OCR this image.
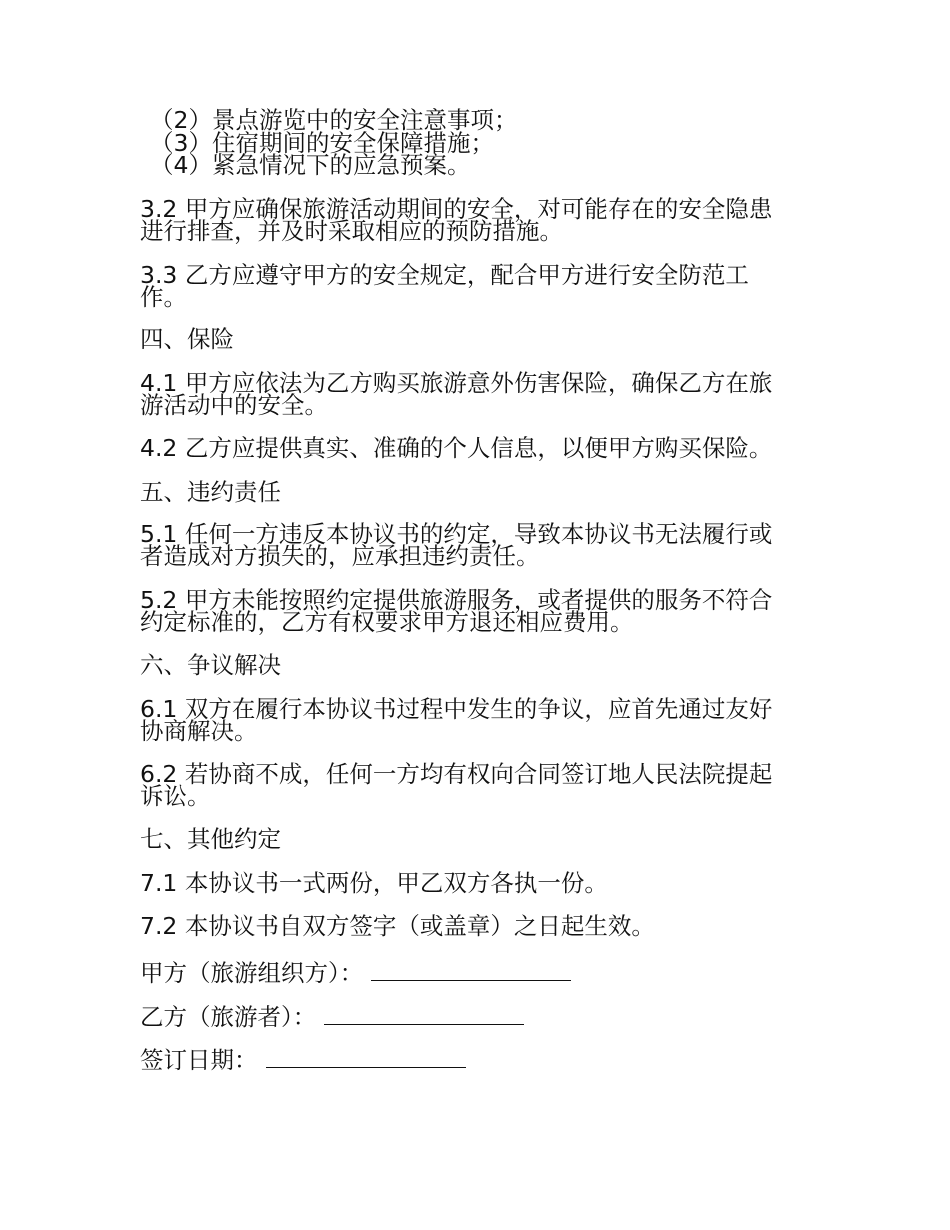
（2）景点游览中的安全注意事项；
（3）住宿期间的安全保障措施；
（4）紧急情况下的应急预案。
3.2 甲方应确保旅游活动期间的安全，对可能存在的安全隐患
进行排查，并及时采取相应的预防措施。
3.3 乙方应遵守甲方的安全规定，配合甲方进行安全防范工
作。
四、保险
4.1 甲方应依法为乙方购买旅游意外伤害保险，确保乙方在旅
游活动中的安全。
4.2 乙方应提供真实、准确的个人信息，以便甲方购买保险。
五、违约责任
5.1 任何一方违反本协议书的约定，导致本协议书无法履行或
者造成对方损失的，应承担违约责任。
5.2 甲方未能按照约定提供旅游服务，或者提供的服务不符合
约定标准的，乙方有权要求甲方退还相应费用。
六、争议解决
6.1 双方在履行本协议书过程中发生的争议，应首先通过友好
协商解决。
6.2 若协商不成，任何一方均有权向合同签订地人民法院提起
诉讼。
七、其他约定
7.1 本协议书一式两份，甲乙双方各执一份。
7.2 本协议书自双方签字（或盖章）之日起生效。
甲方（旅游组织方）：
乙方（旅游者）：
签订日期：
